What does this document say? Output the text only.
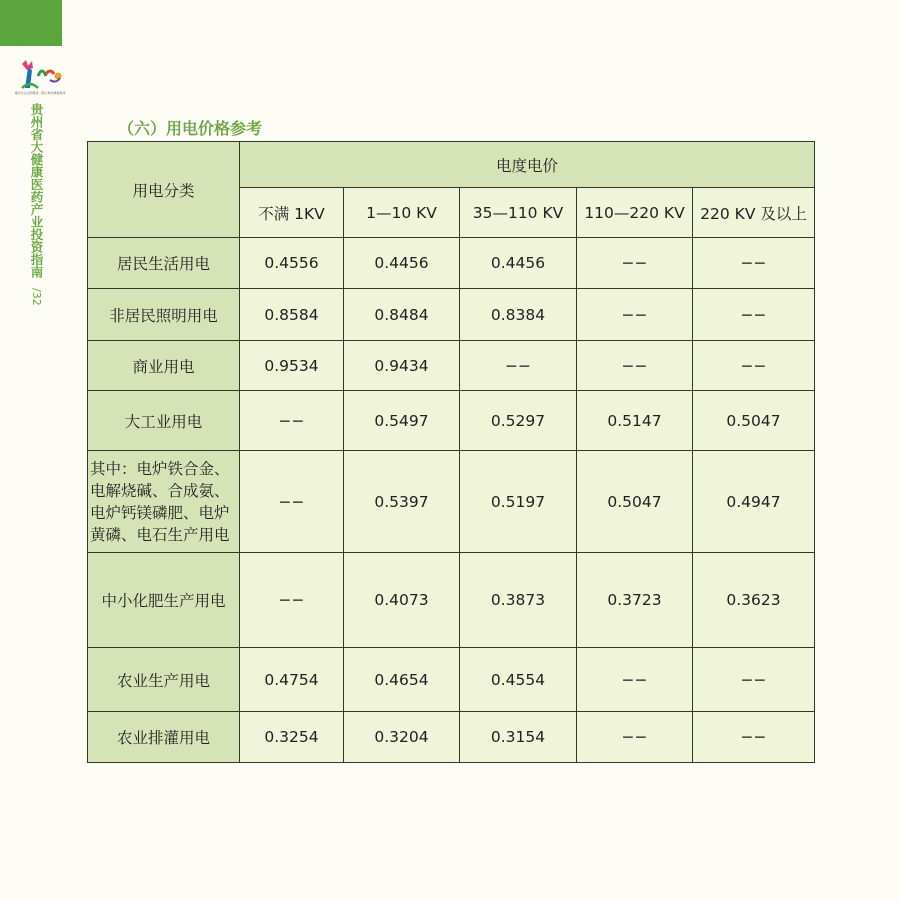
遵守生态文明建设 · 黔山秀水健康贵州
贵州省大健康医药产业投资指南
/32
（六）用电价格参考
用电分类	电度电价				
	不满 1KV	1—10 KV	35—110 KV	110—220 KV	220 KV 及以上
居民生活用电	0.4556	0.4456	0.4456	−−	−−
非居民照明用电	0.8584	0.8484	0.8384	−−	−−
商业用电	0.9534	0.9434	−−	−−	−−
大工业用电	−−	0.5497	0.5297	0.5147	0.5047
其中：电炉铁合金、电解烧碱、合成氨、电炉钙镁磷肥、电炉黄磷、电石生产用电	−−	0.5397	0.5197	0.5047	0.4947
中小化肥生产用电	−−	0.4073	0.3873	0.3723	0.3623
农业生产用电	0.4754	0.4654	0.4554	−−	−−
农业排灌用电	0.3254	0.3204	0.3154	−−	−−
